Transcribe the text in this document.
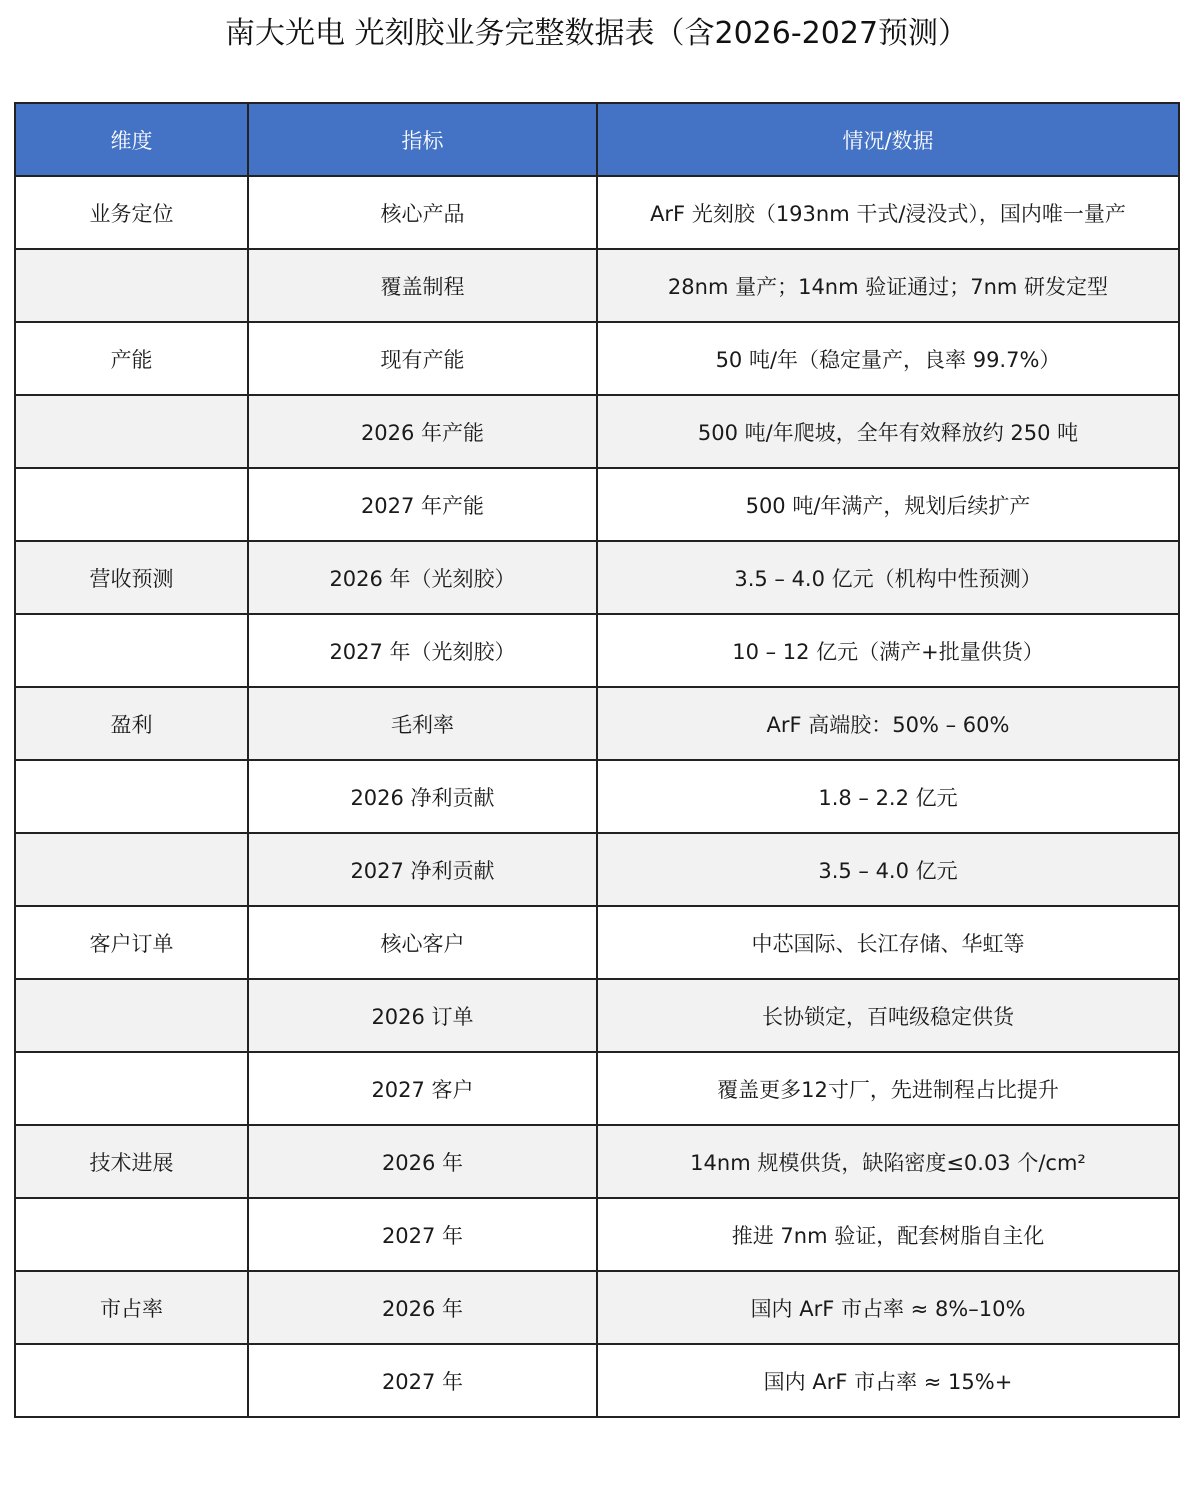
南大光电 光刻胶业务完整数据表（含2026-2027预测）
维度	指标	情况/数据
业务定位	核心产品	ArF 光刻胶（193nm 干式/浸没式），国内唯一量产
	覆盖制程	28nm 量产；14nm 验证通过；7nm 研发定型
产能	现有产能	50 吨/年（稳定量产，良率 99.7%）
	2026 年产能	500 吨/年爬坡，全年有效释放约 250 吨
	2027 年产能	500 吨/年满产，规划后续扩产
营收预测	2026 年（光刻胶）	3.5 – 4.0 亿元（机构中性预测）
	2027 年（光刻胶）	10 – 12 亿元（满产+批量供货）
盈利	毛利率	ArF 高端胶：50% – 60%
	2026 净利贡献	1.8 – 2.2 亿元
	2027 净利贡献	3.5 – 4.0 亿元
客户订单	核心客户	中芯国际、长江存储、华虹等
	2026 订单	长协锁定，百吨级稳定供货
	2027 客户	覆盖更多12寸厂，先进制程占比提升
技术进展	2026 年	14nm 规模供货，缺陷密度≤0.03 个/cm²
	2027 年	推进 7nm 验证，配套树脂自主化
市占率	2026 年	国内 ArF 市占率 ≈ 8%–10%
	2027 年	国内 ArF 市占率 ≈ 15%+
